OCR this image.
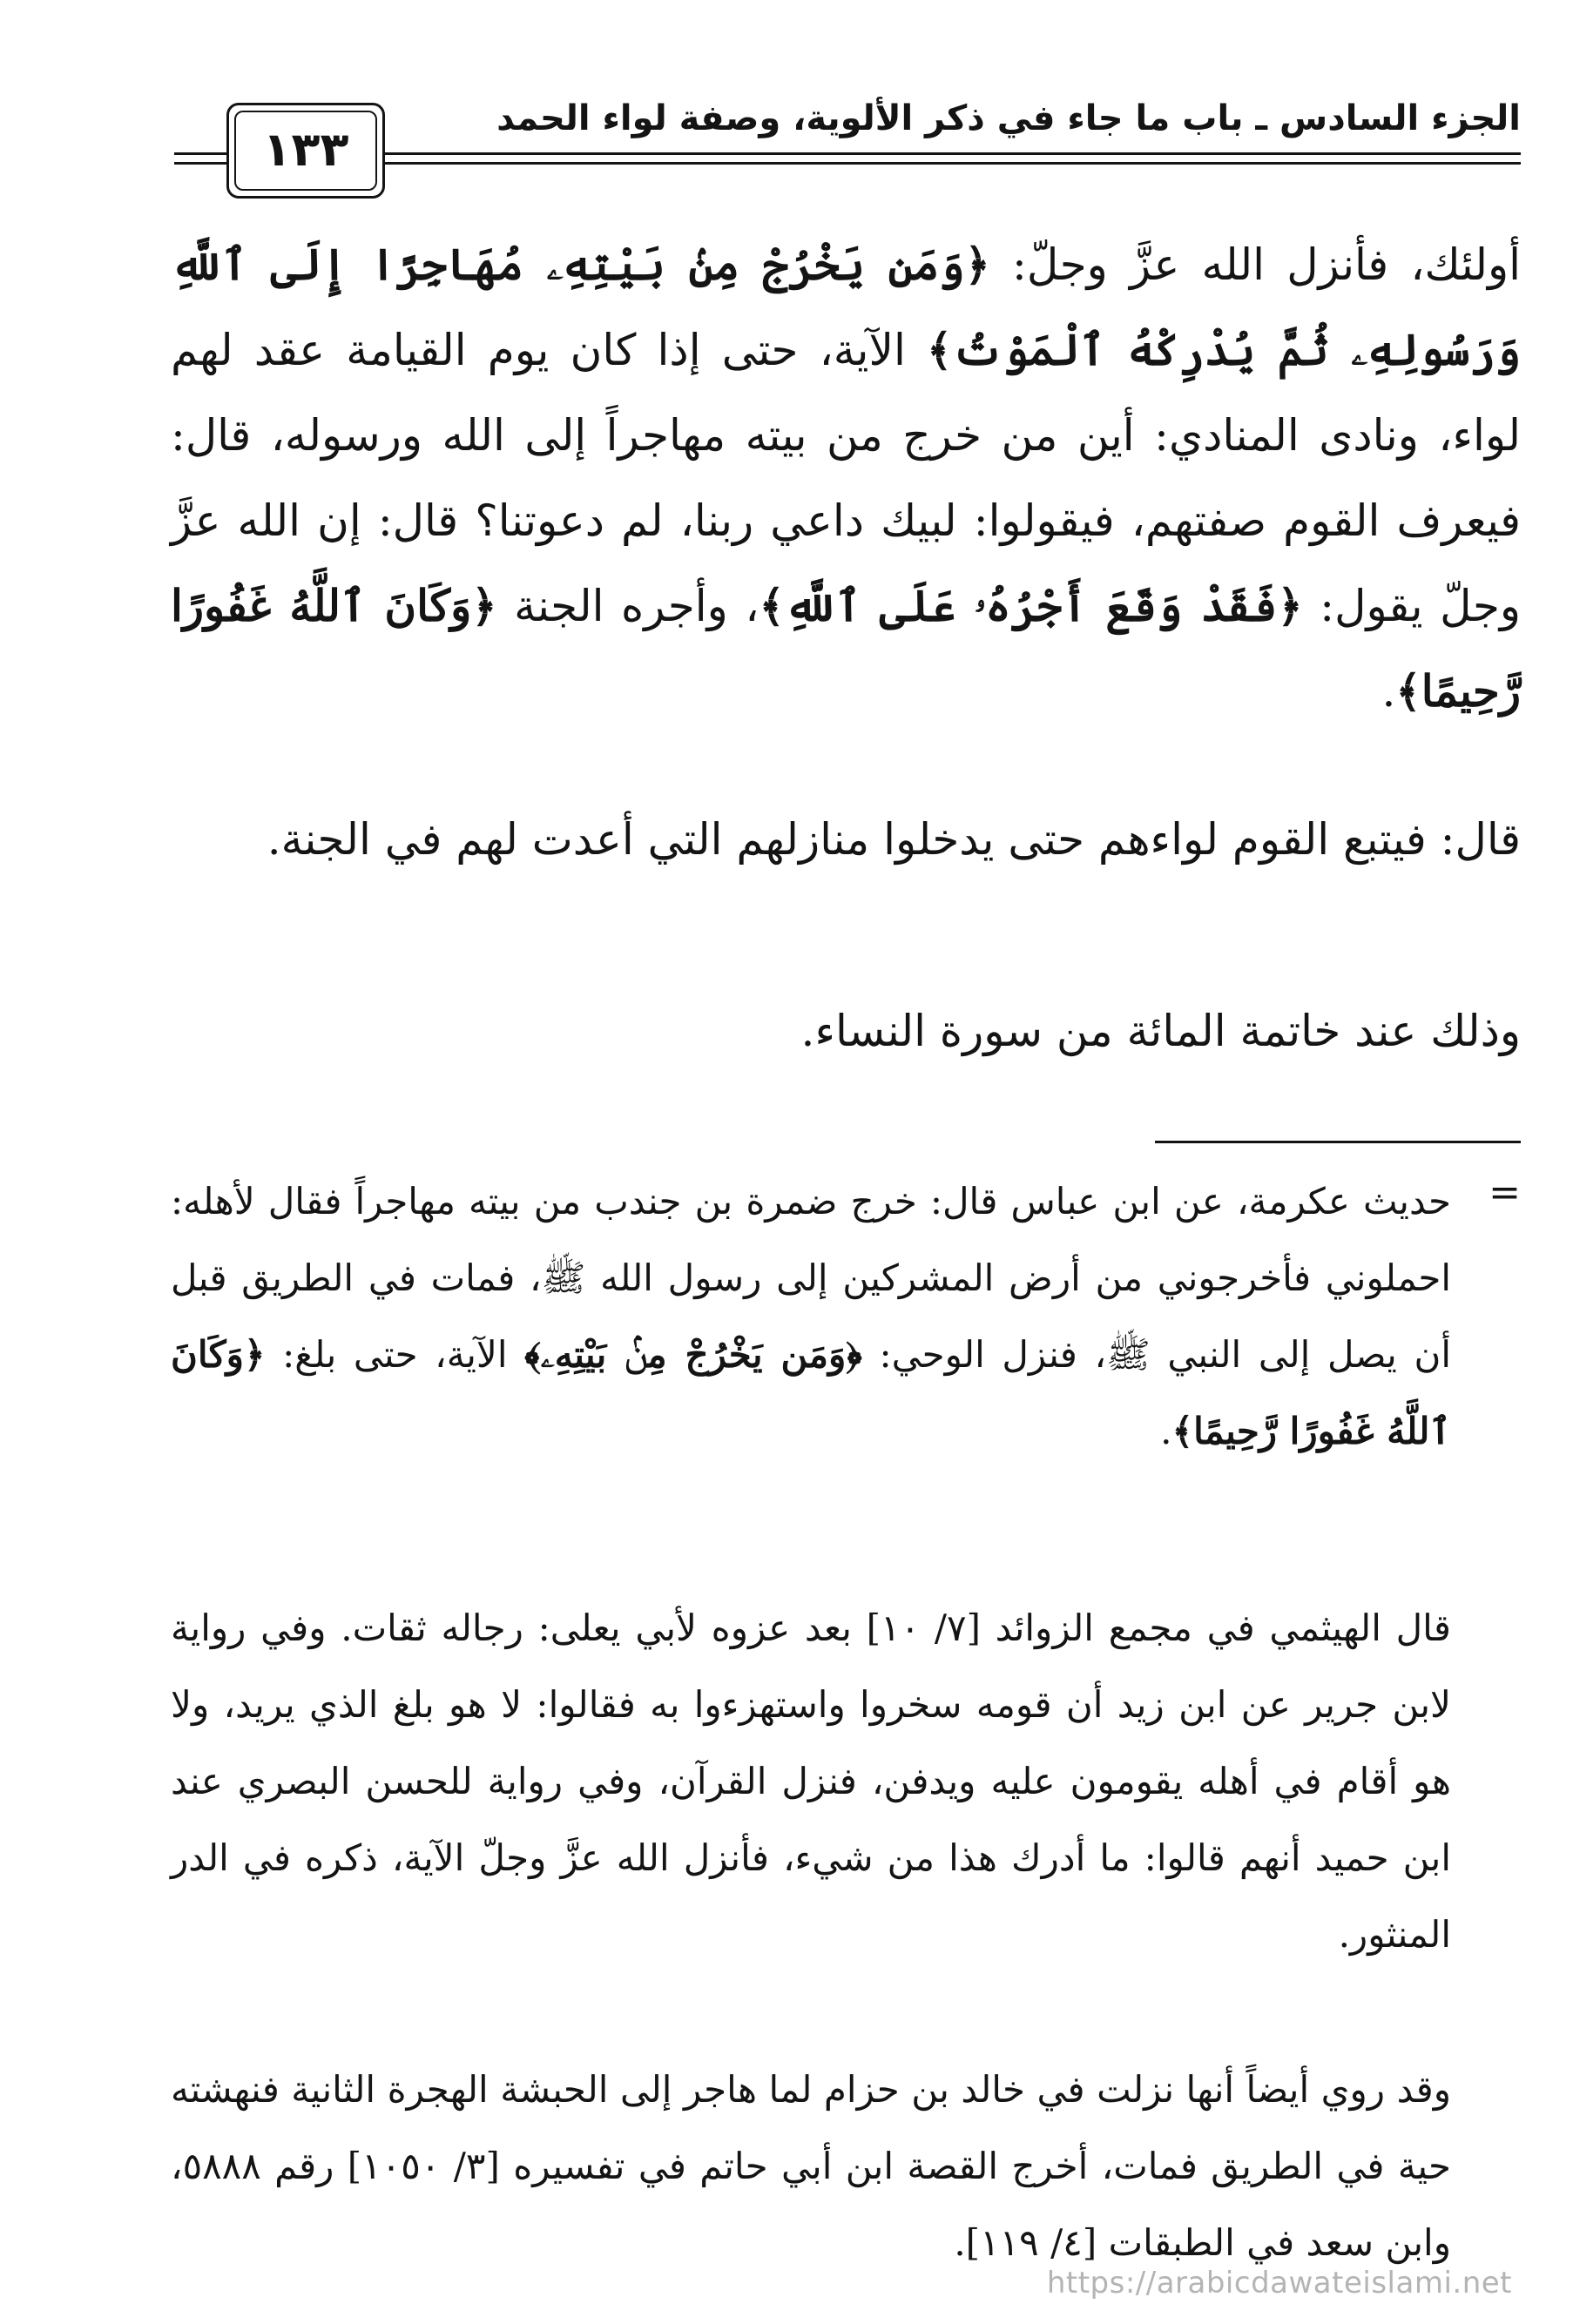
الجزء السادس ـ باب ما جاء في ذكر الألوية، وصفة لواء الحمد
١٣٣
أولئك، فأنزل الله عزَّ وجلّ: ﴿وَمَن يَخْرُجْ مِنۢ بَيْتِهِۦ مُهَاجِرًا إِلَى ٱللَّهِ وَرَسُولِهِۦ ثُمَّ يُدْرِكْهُ ٱلْمَوْتُ﴾ الآية، حتى إذا كان يوم القيامة عقد لهم لواء، ونادى المنادي: أين من خرج من بيته مهاجراً إلى الله ورسوله، قال: فيعرف القوم صفتهم، فيقولوا: لبيك داعي ربنا، لم دعوتنا؟ قال: إن الله عزَّ وجلّ يقول: ﴿فَقَدْ وَقَعَ أَجْرُهُۥ عَلَى ٱللَّهِ﴾، وأجره الجنة ﴿وَكَانَ ٱللَّهُ غَفُورًا رَّحِيمًا﴾.
قال: فيتبع القوم لواءهم حتى يدخلوا منازلهم التي أعدت لهم في الجنة.
وذلك عند خاتمة المائة من سورة النساء.
=
حديث عكرمة، عن ابن عباس قال: خرج ضمرة بن جندب من بيته مهاجراً فقال لأهله: احملوني فأخرجوني من أرض المشركين إلى رسول الله ﷺ، فمات في الطريق قبل أن يصل إلى النبي ﷺ، فنزل الوحي: ﴿وَمَن يَخْرُجْ مِنۢ بَيْتِهِۦ﴾ الآية، حتى بلغ: ﴿وَكَانَ ٱللَّهُ غَفُورًا رَّحِيمًا﴾.
قال الهيثمي في مجمع الزوائد [٧/ ١٠] بعد عزوه لأبي يعلى: رجاله ثقات. وفي رواية لابن جرير عن ابن زيد أن قومه سخروا واستهزءوا به فقالوا: لا هو بلغ الذي يريد، ولا هو أقام في أهله يقومون عليه ويدفن، فنزل القرآن، وفي رواية للحسن البصري عند ابن حميد أنهم قالوا: ما أدرك هذا من شيء، فأنزل الله عزَّ وجلّ الآية، ذكره في الدر المنثور.
وقد روي أيضاً أنها نزلت في خالد بن حزام لما هاجر إلى الحبشة الهجرة الثانية فنهشته حية في الطريق فمات، أخرج القصة ابن أبي حاتم في تفسيره [٣/ ١٠٥٠] رقم ٥٨٨٨، وابن سعد في الطبقات [٤/ ١١٩].
https://arabicdawateislami.net
